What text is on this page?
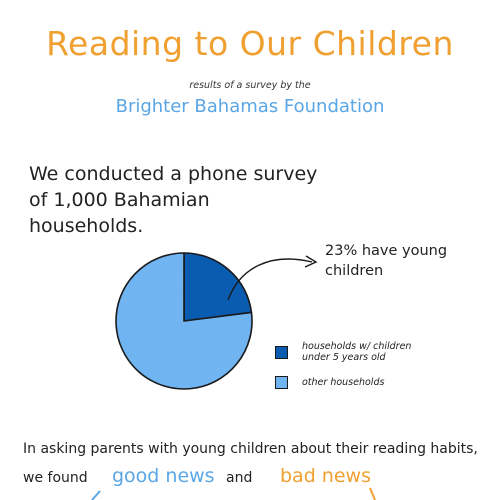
Reading to Our Children
results of a survey by the
Brighter Bahamas Foundation
We conducted a phone survey of 1,000 Bahamian households.
23% have young children
households w/ children under 5 years old
other households
In asking parents with young children about their reading habits,
we found good news and bad news
